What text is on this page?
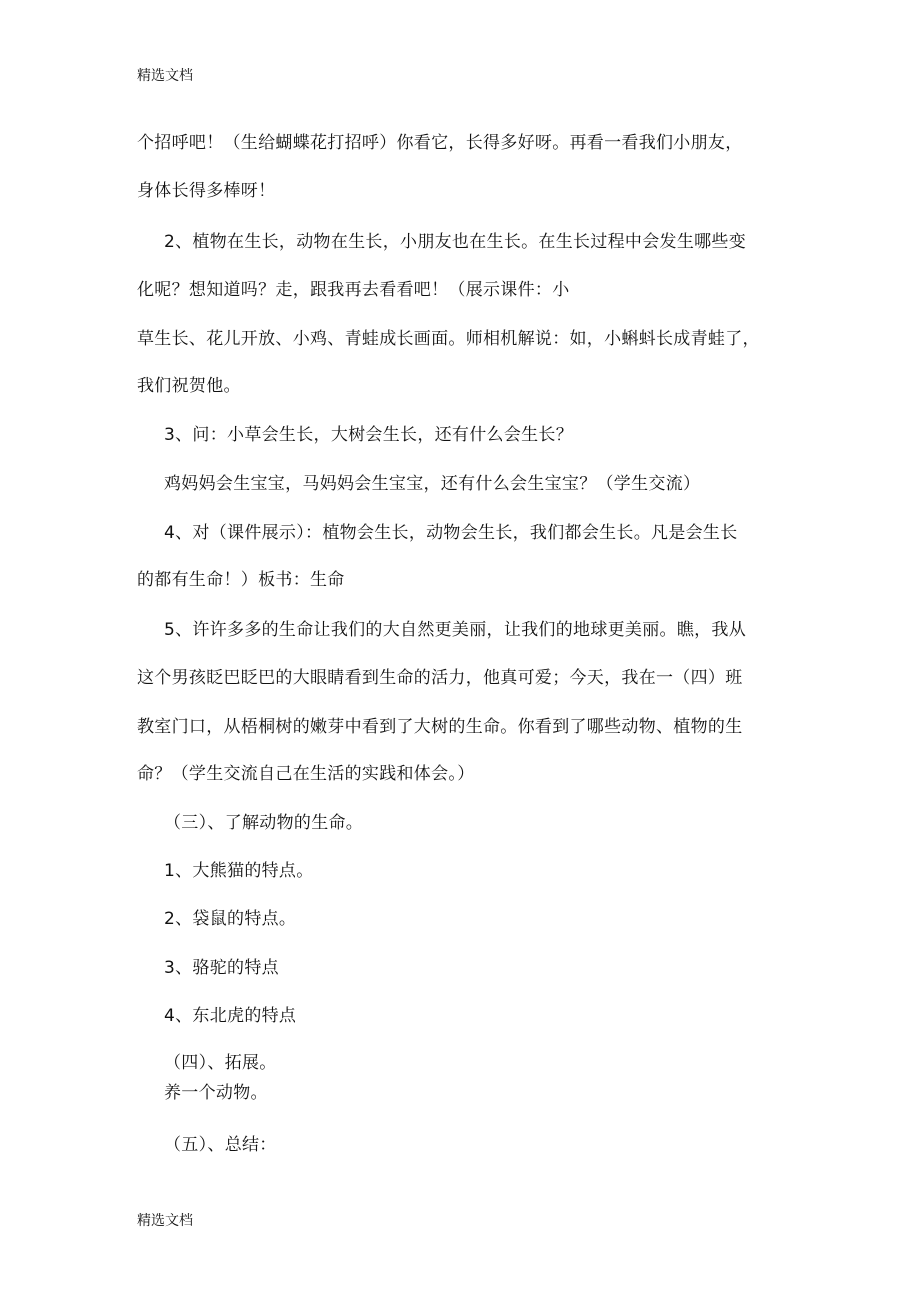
精选文档
个招呼吧！（生给蝴蝶花打招呼）你看它，长得多好呀。再看一看我们小朋友，
身体长得多棒呀！
2、植物在生长，动物在生长，小朋友也在生长。在生长过程中会发生哪些变
化呢？想知道吗？走，跟我再去看看吧！（展示课件：小
草生长、花儿开放、小鸡、青蛙成长画面。师相机解说：如，小蝌蚪长成青蛙了，
我们祝贺他。
3、问：小草会生长，大树会生长，还有什么会生长？
鸡妈妈会生宝宝，马妈妈会生宝宝，还有什么会生宝宝？（学生交流）
4、对（课件展示）：植物会生长，动物会生长，我们都会生长。凡是会生长
的都有生命！）板书：生命
5、许许多多的生命让我们的大自然更美丽，让我们的地球更美丽。瞧，我从
这个男孩眨巴眨巴的大眼睛看到生命的活力，他真可爱；今天，我在一（四）班
教室门口，从梧桐树的嫩芽中看到了大树的生命。你看到了哪些动物、植物的生
命？（学生交流自己在生活的实践和体会。）
（三）、了解动物的生命。
1、大熊猫的特点。
2、袋鼠的特点。
3、骆驼的特点
4、东北虎的特点
（四）、拓展。
养一个动物。
（五）、总结：
精选文档
